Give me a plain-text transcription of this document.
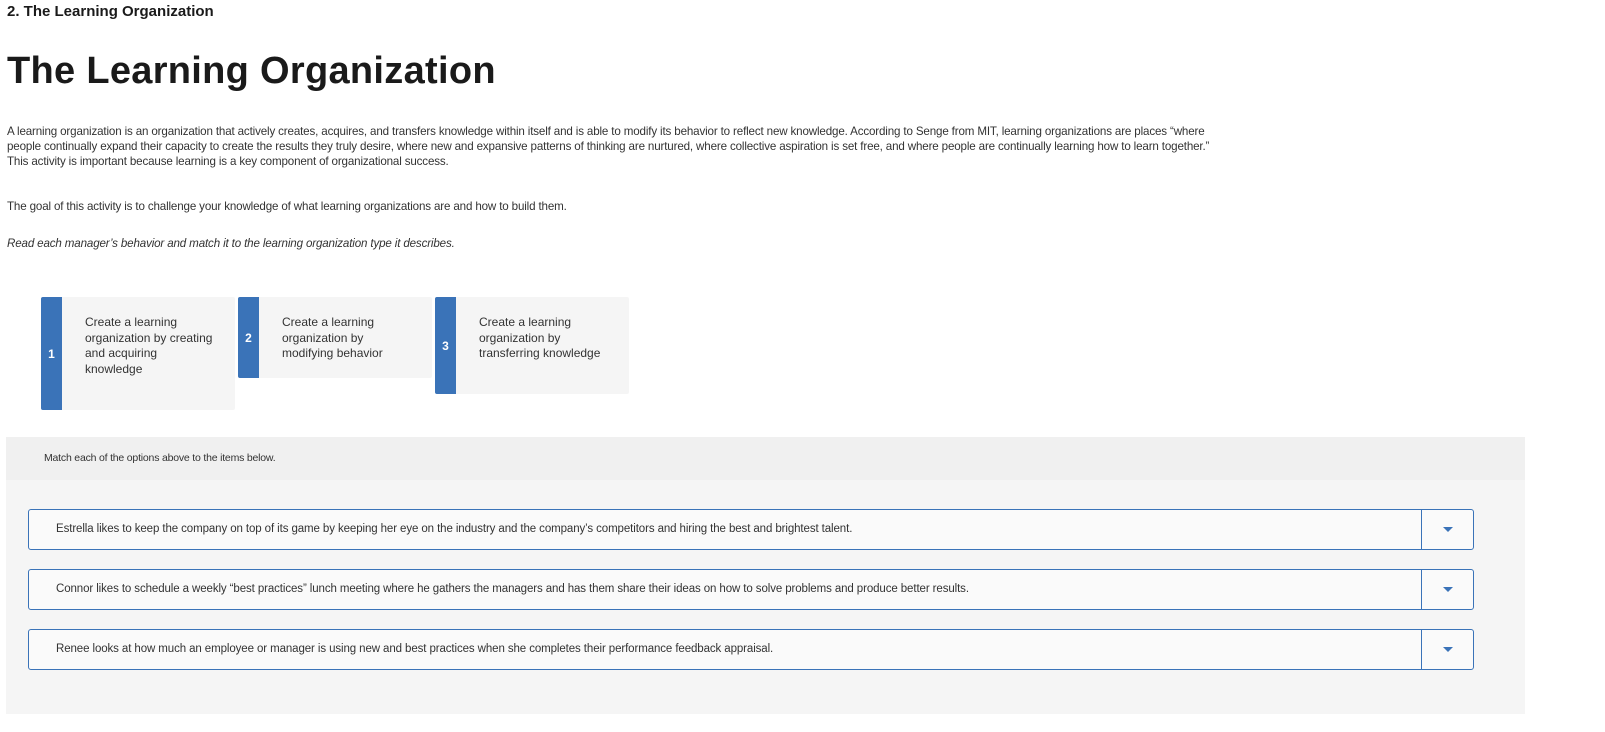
2. The Learning Organization
The Learning Organization
A learning organization is an organization that actively creates, acquires, and transfers knowledge within itself and is able to modify its behavior to reflect new knowledge. According to Senge from MIT, learning organizations are places “where
people continually expand their capacity to create the results they truly desire, where new and expansive patterns of thinking are nurtured, where collective aspiration is set free, and where people are continually learning how to learn together.”
This activity is important because learning is a key component of organizational success.
The goal of this activity is to challenge your knowledge of what learning organizations are and how to build them.
Read each manager’s behavior and match it to the learning organization type it describes.
1
Create a learning organization by creating and acquiring knowledge
2
Create a learning organization by modifying behavior
3
Create a learning organization by transferring knowledge
Match each of the options above to the items below.
Estrella likes to keep the company on top of its game by keeping her eye on the industry and the company’s competitors and hiring the best and brightest talent.
Connor likes to schedule a weekly “best practices” lunch meeting where he gathers the managers and has them share their ideas on how to solve problems and produce better results.
Renee looks at how much an employee or manager is using new and best practices when she completes their performance feedback appraisal.
